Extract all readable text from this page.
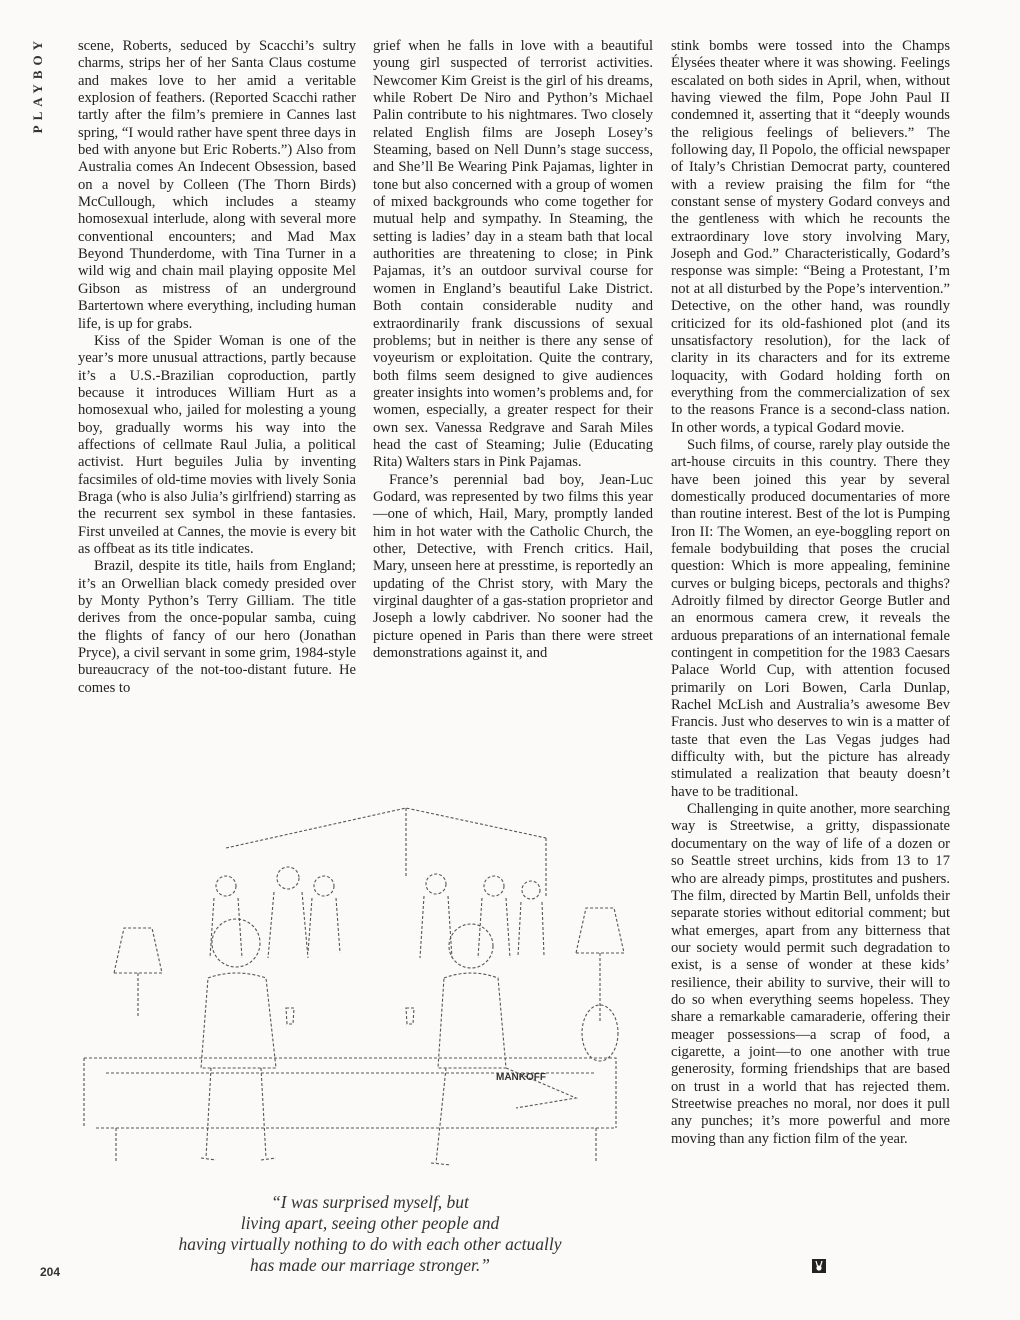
PLAYBOY	scene, Roberts, seduced by Scacchi’s sultry charms, strips her of her Santa Claus costume and makes love to her amid a veritable explosion of feathers. (Reported Scacchi rather tartly after the film’s premiere in Cannes last spring, “I would rather have spent three days in bed with anyone but Eric Roberts.”) Also from Australia comes An Indecent Obsession, based on a novel by Colleen (The Thorn Birds) McCullough, which includes a steamy homosexual interlude, along with several more conventional encounters; and Mad Max Beyond Thunderdome, with Tina Turner in a wild wig and chain mail playing opposite Mel Gibson as mistress of an underground Bartertown where everything, including human life, is up for grabs.

Kiss of the Spider Woman is one of the year’s more unusual attractions, partly because it’s a U.S.-Brazilian coproduction, partly because it introduces William Hurt as a homosexual who, jailed for molesting a young boy, gradually worms his way into the affections of cellmate Raul Julia, a political activist. Hurt beguiles Julia by inventing facsimiles of old-time movies with lively Sonia Braga (who is also Julia’s girlfriend) starring as the recurrent sex symbol in these fantasies. First unveiled at Cannes, the movie is every bit as offbeat as its title indicates.

Brazil, despite its title, hails from England; it’s an Orwellian black comedy presided over by Monty Python’s Terry Gilliam. The title derives from the once-popular samba, cuing the flights of fancy of our hero (Jonathan Pryce), a civil servant in some grim, 1984-style bureaucracy of the not-too-distant future. He comes to

grief when he falls in love with a beautiful young girl suspected of terrorist activities. Newcomer Kim Greist is the girl of his dreams, while Robert De Niro and Python’s Michael Palin contribute to his nightmares. Two closely related English films are Joseph Losey’s Steaming, based on Nell Dunn’s stage success, and She’ll Be Wearing Pink Pajamas, lighter in tone but also concerned with a group of women of mixed backgrounds who come together for mutual help and sympathy. In Steaming, the setting is ladies’ day in a steam bath that local authorities are threatening to close; in Pink Pajamas, it’s an outdoor survival course for women in England’s beautiful Lake District. Both contain considerable nudity and extraordinarily frank discussions of sexual problems; but in neither is there any sense of voyeurism or exploitation. Quite the contrary, both films seem designed to give audiences greater insights into women’s problems and, for women, especially, a greater respect for their own sex. Vanessa Redgrave and Sarah Miles head the cast of Steaming; Julie (Educating Rita) Walters stars in Pink Pajamas.

France’s perennial bad boy, Jean-Luc Godard, was represented by two films this year—one of which, Hail, Mary, promptly landed him in hot water with the Catholic Church, the other, Detective, with French critics. Hail, Mary, unseen here at presstime, is reportedly an updating of the Christ story, with Mary the virginal daughter of a gas-station proprietor and Joseph a lowly cabdriver. No sooner had the picture opened in Paris than there were street demonstrations against it, and

stink bombs were tossed into the Champs Élysées theater where it was showing. Feelings escalated on both sides in April, when, without having viewed the film, Pope John Paul II condemned it, asserting that it “deeply wounds the religious feelings of believers.” The following day, Il Popolo, the official newspaper of Italy’s Christian Democrat party, countered with a review praising the film for “the constant sense of mystery Godard conveys and the gentleness with which he recounts the extraordinary love story involving Mary, Joseph and God.” Characteristically, Godard’s response was simple: “Being a Protestant, I’m not at all disturbed by the Pope’s intervention.” Detective, on the other hand, was roundly criticized for its old-fashioned plot (and its unsatisfactory resolution), for the lack of clarity in its characters and for its extreme loquacity, with Godard holding forth on everything from the commercialization of sex to the reasons France is a second-class nation. In other words, a typical Godard movie.

Such films, of course, rarely play outside the art-house circuits in this country. There they have been joined this year by several domestically produced documentaries of more than routine interest. Best of the lot is Pumping Iron II: The Women, an eye-boggling report on female bodybuilding that poses the crucial question: Which is more appealing, feminine curves or bulging biceps, pectorals and thighs? Adroitly filmed by director George Butler and an enormous camera crew, it reveals the arduous preparations of an international female contingent in competition for the 1983 Caesars Palace World Cup, with attention focused primarily on Lori Bowen, Carla Dunlap, Rachel McLish and Australia’s awesome Bev Francis. Just who deserves to win is a matter of taste that even the Las Vegas judges had difficulty with, but the picture has already stimulated a realization that beauty doesn’t have to be traditional.

Challenging in quite another, more searching way is Streetwise, a gritty, dispassionate documentary on the way of life of a dozen or so Seattle street urchins, kids from 13 to 17 who are already pimps, prostitutes and pushers. The film, directed by Martin Bell, unfolds their separate stories without editorial comment; but what emerges, apart from any bitterness that our society would permit such degradation to exist, is a sense of wonder at these kids’ resilience, their ability to survive, their will to do so when everything seems hopeless. They share a remarkable camaraderie, offering their meager possessions—a scrap of food, a cigarette, a joint—to one another with true generosity, forming friendships that are based on trust in a world that has rejected them. Streetwise preaches no moral, nor does it pull any punches; it’s more powerful and more moving than any fiction film of the year.

MANKOFF
“I was surprised myself, but
living apart, seeing other people and
having virtually nothing to do with each other actually
has made our marriage stronger.”
204
